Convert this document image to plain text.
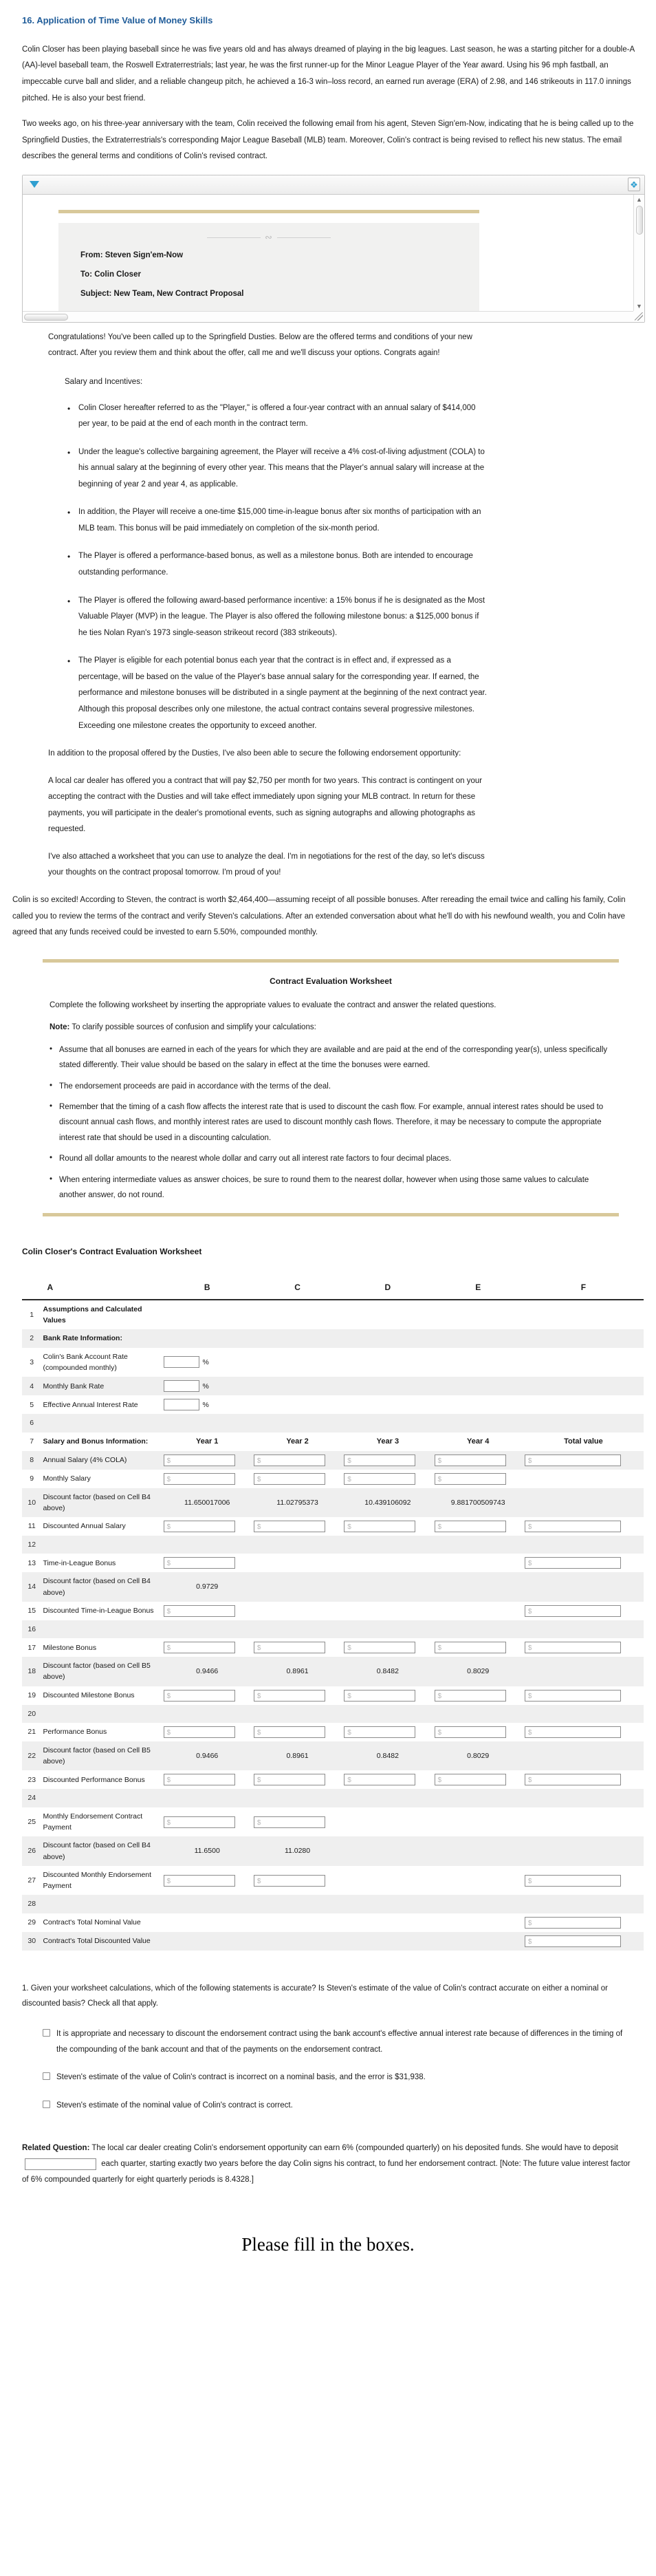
16. Application of Time Value of Money Skills

Colin Closer has been playing baseball since he was five years old and has always dreamed of playing in the big leagues. Last season, he was a starting pitcher for a double-A (AA)-level baseball team, the Roswell Extraterrestrials; last year, he was the first runner-up for the Minor League Player of the Year award. Using his 96 mph fastball, an impeccable curve ball and slider, and a reliable changeup pitch, he achieved a 16-3 win–loss record, an earned run average (ERA) of 2.98, and 146 strikeouts in 117.0 innings pitched. He is also your best friend.

Two weeks ago, on his three-year anniversary with the team, Colin received the following email from his agent, Steven Sign'em-Now, indicating that he is being called up to the Springfield Dusties, the Extraterrestrials's corresponding Major League Baseball (MLB) team. Moreover, Colin's contract is being revised to reflect his new status. The email describes the general terms and conditions of Colin's revised contract.

❖
∾
From: Steven Sign'em-Now
To: Colin Closer
Subject: New Team, New Contract Proposal
▲
▼

Congratulations! You've been called up to the Springfield Dusties. Below are the offered terms and conditions of your new contract. After you review them and think about the offer, call me and we'll discuss your options. Congrats again!

Salary and Incentives:

• Colin Closer hereafter referred to as the "Player," is offered a four-year contract with an annual salary of $414,000 per year, to be paid at the end of each month in the contract term.
• Under the league's collective bargaining agreement, the Player will receive a 4% cost-of-living adjustment (COLA) to his annual salary at the beginning of every other year. This means that the Player's annual salary will increase at the beginning of year 2 and year 4, as applicable.
• In addition, the Player will receive a one-time $15,000 time-in-league bonus after six months of participation with an MLB team. This bonus will be paid immediately on completion of the six-month period.
• The Player is offered a performance-based bonus, as well as a milestone bonus. Both are intended to encourage outstanding performance.
• The Player is offered the following award-based performance incentive: a 15% bonus if he is designated as the Most Valuable Player (MVP) in the league. The Player is also offered the following milestone bonus: a $125,000 bonus if he ties Nolan Ryan's 1973 single-season strikeout record (383 strikeouts).
• The Player is eligible for each potential bonus each year that the contract is in effect and, if expressed as a percentage, will be based on the value of the Player's base annual salary for the corresponding year. If earned, the performance and milestone bonuses will be distributed in a single payment at the beginning of the next contract year. Although this proposal describes only one milestone, the actual contract contains several progressive milestones. Exceeding one milestone creates the opportunity to exceed another.

In addition to the proposal offered by the Dusties, I've also been able to secure the following endorsement opportunity:

A local car dealer has offered you a contract that will pay $2,750 per month for two years. This contract is contingent on your accepting the contract with the Dusties and will take effect immediately upon signing your MLB contract. In return for these payments, you will participate in the dealer's promotional events, such as signing autographs and allowing photographs as requested.

I've also attached a worksheet that you can use to analyze the deal. I'm in negotiations for the rest of the day, so let's discuss your thoughts on the contract proposal tomorrow. I'm proud of you!

Colin is so excited! According to Steven, the contract is worth $2,464,400—assuming receipt of all possible bonuses. After rereading the email twice and calling his family, Colin called you to review the terms of the contract and verify Steven's calculations. After an extended conversation about what he'll do with his newfound wealth, you and Colin have agreed that any funds received could be invested to earn 5.50%, compounded monthly.

Contract Evaluation Worksheet

Complete the following worksheet by inserting the appropriate values to evaluate the contract and answer the related questions.

Note: To clarify possible sources of confusion and simplify your calculations:

• Assume that all bonuses are earned in each of the years for which they are available and are paid at the end of the corresponding year(s), unless specifically stated differently. Their value should be based on the salary in effect at the time the bonuses were earned.
• The endorsement proceeds are paid in accordance with the terms of the deal.
• Remember that the timing of a cash flow affects the interest rate that is used to discount the cash flow. For example, annual interest rates should be used to discount annual cash flows, and monthly interest rates are used to discount monthly cash flows. Therefore, it may be necessary to compute the appropriate interest rate that should be used in a discounting calculation.
• Round all dollar amounts to the nearest whole dollar and carry out all interest rate factors to four decimal places.
• When entering intermediate values as answer choices, be sure to round them to the nearest dollar, however when using those same values to calculate another answer, do not round.
Colin Closer's Contract Evaluation Worksheet
	A	B	C	D	E	F
1	Assumptions and Calculated Values					
2	Bank Rate Information:					
3	Colin's Bank Account Rate (compounded monthly)	%				
4	Monthly Bank Rate	%				
5	Effective Annual Interest Rate	%				
6						
7	Salary and Bonus Information:	Year 1	Year 2	Year 3	Year 4	Total value
8	Annual Salary (4% COLA)	$	$	$	$	$

9	Monthly Salary	$	$	$	$	

10	Discount factor (based on Cell B4 above)	11.650017006	11.02795373	10.439106092	9.881700509743	
11	Discounted Annual Salary	$	$	$	$	$

12						
13	Time-in-League Bonus	$				$

14	Discount factor (based on Cell B4 above)	0.9729				
15	Discounted Time-in-League Bonus	$				$

16						
17	Milestone Bonus	$	$	$	$	$

18	Discount factor (based on Cell B5 above)	0.9466	0.8961	0.8482	0.8029	
19	Discounted Milestone Bonus	$	$	$	$	$

20						
21	Performance Bonus	$	$	$	$	$

22	Discount factor (based on Cell B5 above)	0.9466	0.8961	0.8482	0.8029	
23	Discounted Performance Bonus	$	$	$	$	$

24						
25	Monthly Endorsement Contract Payment	$	$			

26	Discount factor (based on Cell B4 above)	11.6500	11.0280			
27	Discounted Monthly Endorsement Payment	$	$			$

28						
29	Contract's Total Nominal Value					$

30	Contract's Total Discounted Value					$
1. Given your worksheet calculations, which of the following statements is accurate? Is Steven's estimate of the value of Colin's contract accurate on either a nominal or discounted basis? Check all that apply.
It is appropriate and necessary to discount the endorsement contract using the bank account's effective annual interest rate because of differences in the timing of the compounding of the bank account and that of the payments on the endorsement contract.
Steven's estimate of the value of Colin's contract is incorrect on a nominal basis, and the error is $31,938.
Steven's estimate of the nominal value of Colin's contract is correct.
Related Question: The local car dealer creating Colin's endorsement opportunity can earn 6% (compounded quarterly) on his deposited funds. She would have to deposit  each quarter, starting exactly two years before the day Colin signs his contract, to fund her endorsement contract. [Note: The future value interest factor of 6% compounded quarterly for eight quarterly periods is 8.4328.]
Please fill in the boxes.
